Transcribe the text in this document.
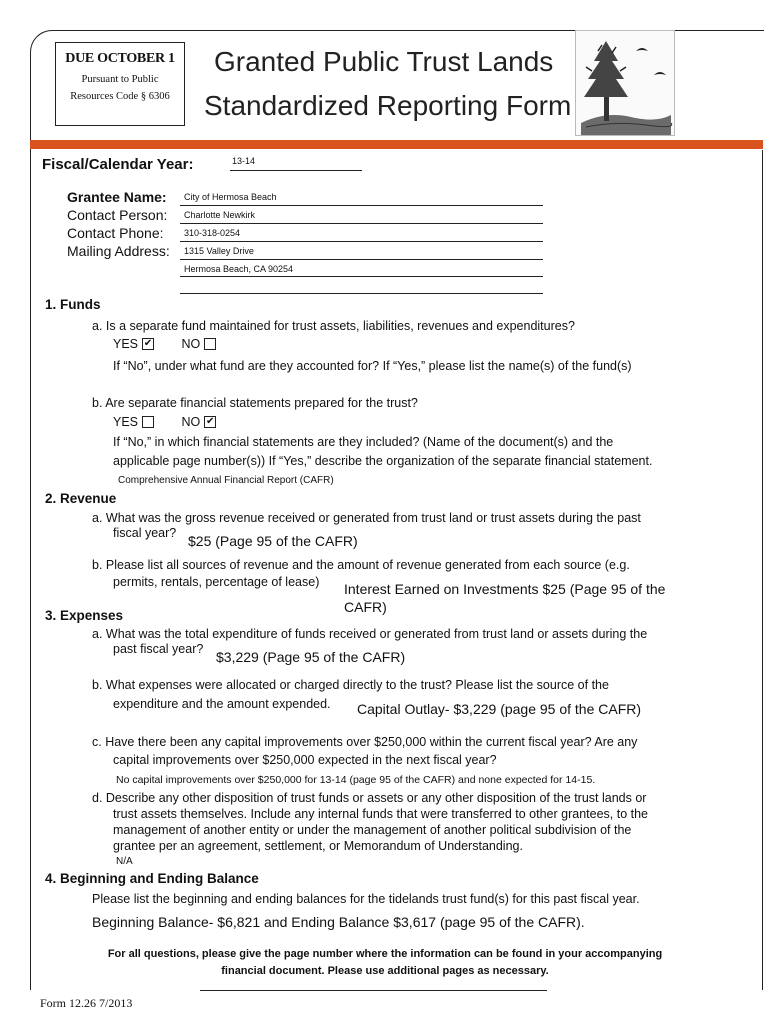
DUE OCTOBER 1
Pursuant to Public
Resources Code § 6306
Granted Public Trust Lands
Standardized Reporting Form
Fiscal/Calendar Year:	13-14
Grantee Name: City of Hermosa Beach
Contact Person: Charlotte Newkirk
Contact Phone: 310-318-0254
Mailing Address: 1315 Valley Drive
Hermosa Beach, CA 90254
1. Funds
a. Is a separate fund maintained for trust assets, liabilities, revenues and expenditures?
YES ✔ NO
If “No”, under what fund are they accounted for? If “Yes,” please list the name(s) of the fund(s)
b. Are separate financial statements prepared for the trust?
YES	NO ✔
If “No,” in which financial statements are they included? (Name of the document(s) and the
applicable page number(s)) If “Yes,” describe the organization of the separate financial statement.
Comprehensive Annual Financial Report (CAFR)
2. Revenue
a. What was the gross revenue received or generated from trust land or trust assets during the past
fiscal year? $25 (Page 95 of the CAFR)
b. Please list all sources of revenue and the amount of revenue generated from each source (e.g.
permits, rentals, percentage of lease) Interest Earned on Investments $25 (Page 95 of the
CAFR)
3. Expenses
a. What was the total expenditure of funds received or generated from trust land or assets during the
past fiscal year? $3,229 (Page 95 of the CAFR)
b. What expenses were allocated or charged directly to the trust? Please list the source of the
expenditure and the amount expended. Capital Outlay- $3,229 (page 95 of the CAFR)
c. Have there been any capital improvements over $250,000 within the current fiscal year? Are any
capital improvements over $250,000 expected in the next fiscal year?
No capital improvements over $250,000 for 13-14 (page 95 of the CAFR) and none expected for 14-15.
d. Describe any other disposition of trust funds or assets or any other disposition of the trust lands or
trust assets themselves. Include any internal funds that were transferred to other grantees, to the
management of another entity or under the management of another political subdivision of the
grantee per an agreement, settlement, or Memorandum of Understanding.
N/A
4. Beginning and Ending Balance
Please list the beginning and ending balances for the tidelands trust fund(s) for this past fiscal year.
Beginning Balance- $6,821 and Ending Balance $3,617 (page 95 of the CAFR).
For all questions, please give the page number where the information can be found in your accompanying
financial document. Please use additional pages as necessary.
Form 12.26 7/2013
